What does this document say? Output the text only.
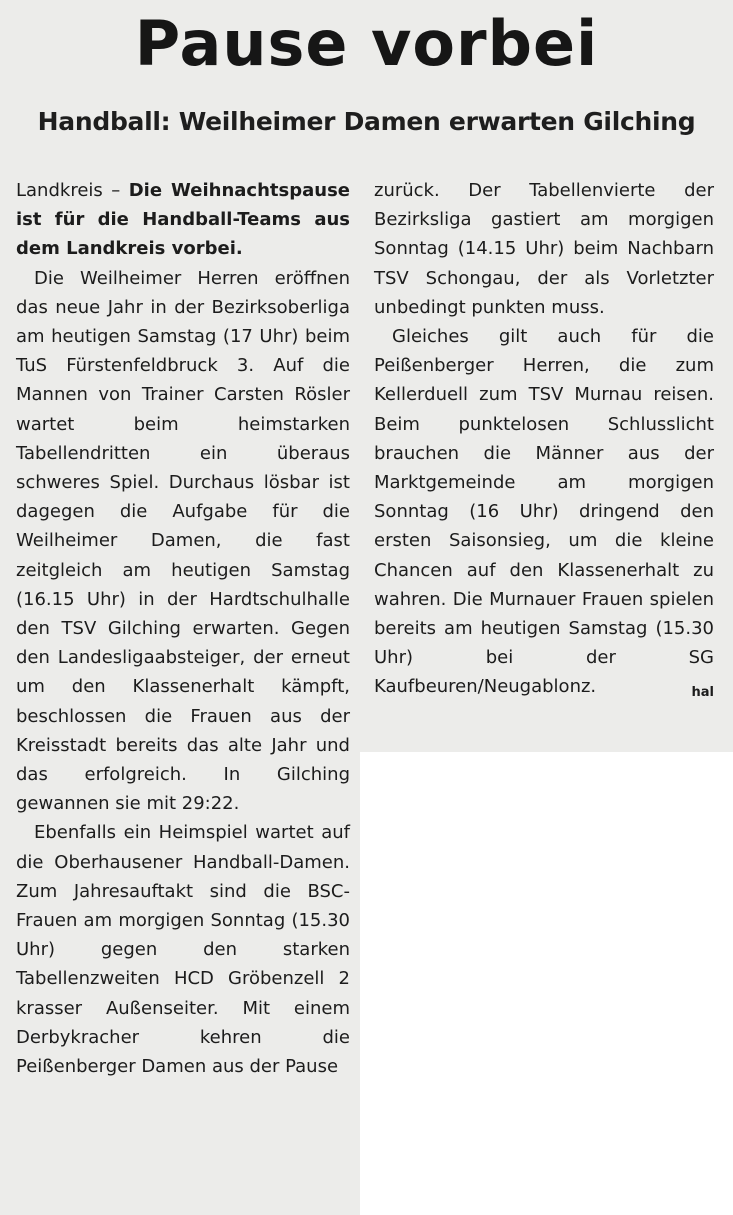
Pause vorbei
Handball: Weilheimer Damen erwarten Gilching

Landkreis – Die Weihnachtspause ist für die Handball-Teams aus dem Landkreis vorbei.

Die Weilheimer Herren eröffnen das neue Jahr in der Bezirksoberliga am heutigen Samstag (17 Uhr) beim TuS Fürstenfeldbruck 3. Auf die Mannen von Trainer Carsten Rösler wartet beim heimstarken Tabellendritten ein überaus schweres Spiel. Durchaus lösbar ist dagegen die Aufgabe für die Weilheimer Damen, die fast zeitgleich am heutigen Samstag (16.15 Uhr) in der Hardtschulhalle den TSV Gilching erwarten. Gegen den Landesligaabsteiger, der erneut um den Klassenerhalt kämpft, beschlossen die Frauen aus der Kreisstadt bereits das alte Jahr und das erfolgreich. In Gilching gewannen sie mit 29:22.

Ebenfalls ein Heimspiel wartet auf die Oberhausener Handball-Damen. Zum Jahresauftakt sind die BSC-Frauen am morgigen Sonntag (15.30 Uhr) gegen den starken Tabellenzweiten HCD Gröbenzell 2 krasser Außenseiter. Mit einem Derbykracher kehren die Peißenberger Damen aus der Pause

zurück. Der Tabellenvierte der Bezirksliga gastiert am morgigen Sonntag (14.15 Uhr) beim Nachbarn TSV Schongau, der als Vorletzter unbedingt punkten muss.

Gleiches gilt auch für die Peißenberger Herren, die zum Kellerduell zum TSV Murnau reisen. Beim punktelosen Schlusslicht brauchen die Männer aus der Marktgemeinde am morgigen Sonntag (16 Uhr) dringend den ersten Saisonsieg, um die kleine Chancen auf den Klassenerhalt zu wahren. Die Murnauer Frauen spielen bereits am heutigen Samstag (15.30 Uhr) bei der SG Kaufbeuren/Neugablonz.	hal
